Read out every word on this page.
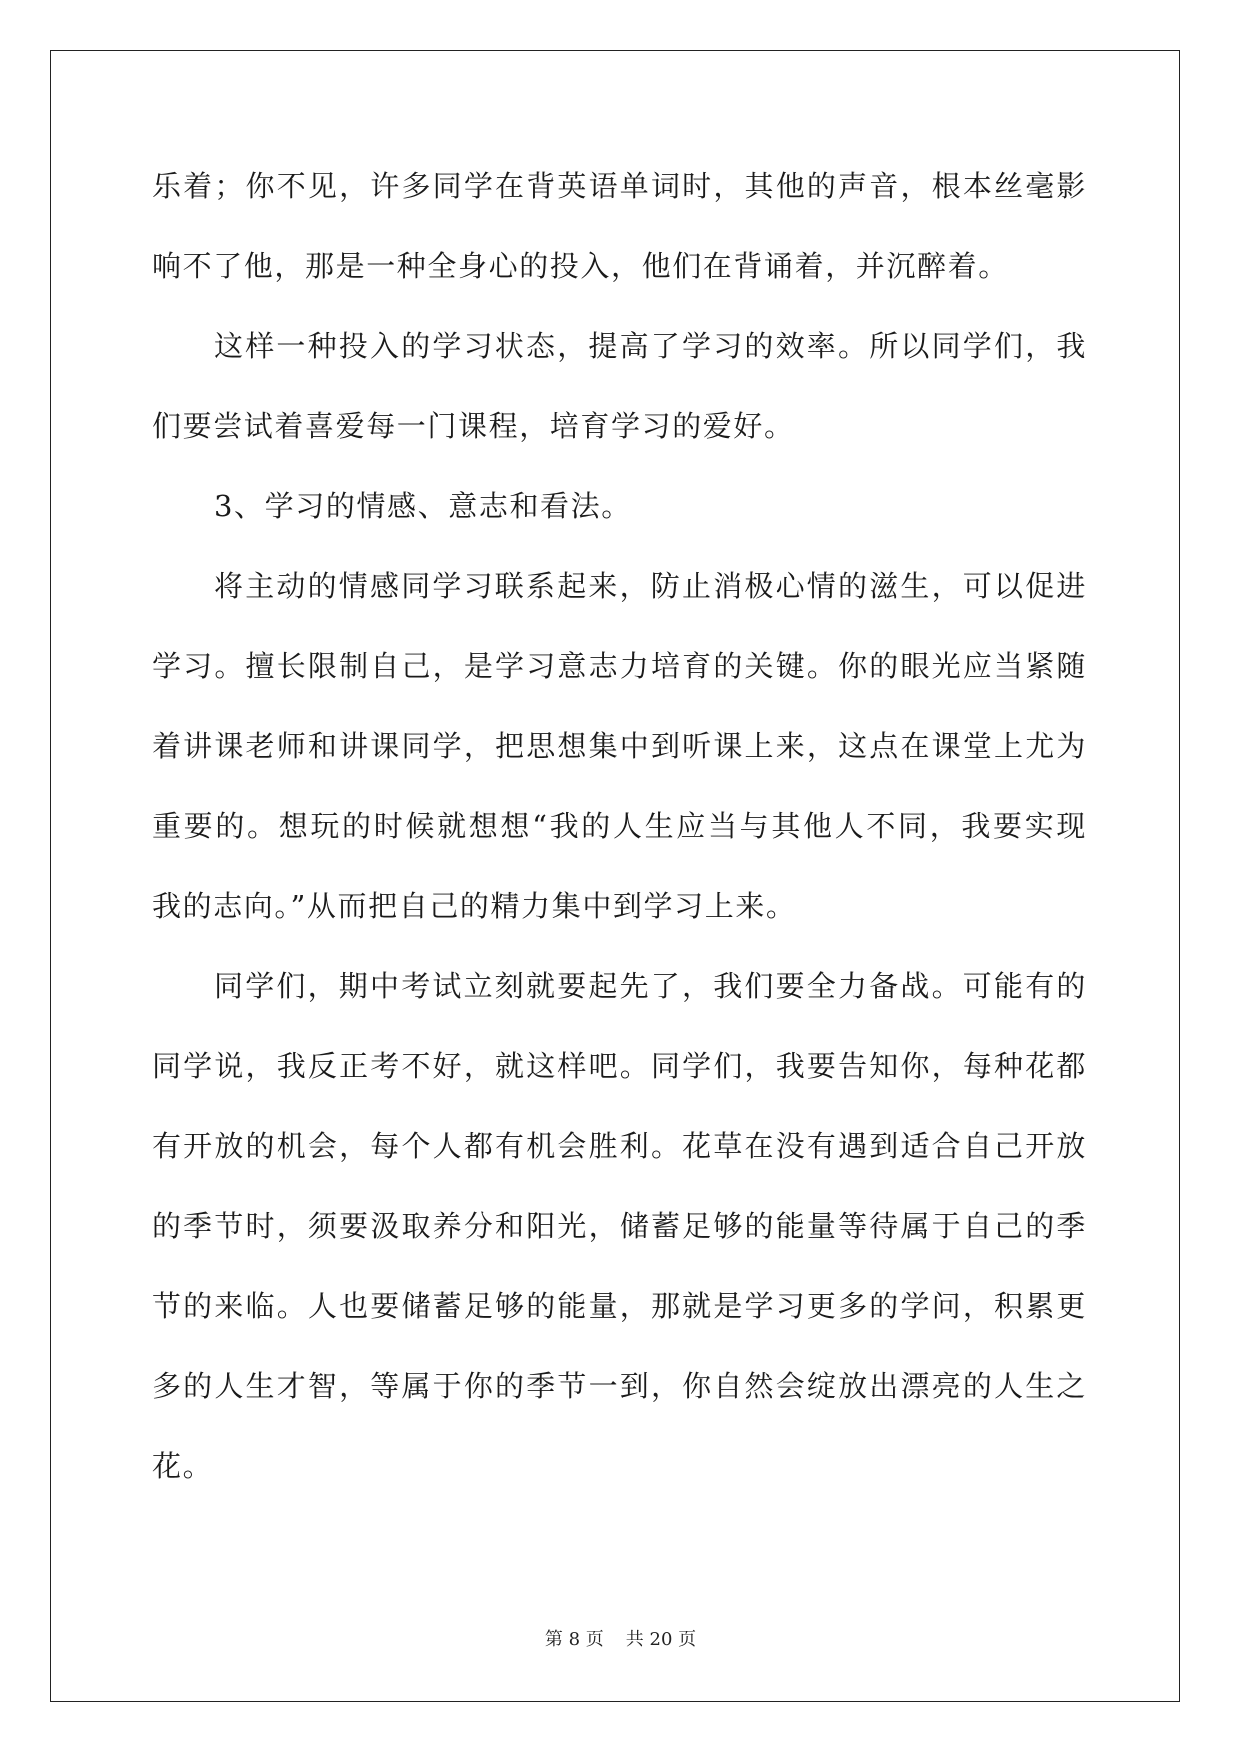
乐着；你不见，许多同学在背英语单词时，其他的声音，根本丝毫影
响不了他，那是一种全身心的投入，他们在背诵着，并沉醉着。
这样一种投入的学习状态，提高了学习的效率。所以同学们，我
们要尝试着喜爱每一门课程，培育学习的爱好。
3、学习的情感、意志和看法。
将主动的情感同学习联系起来，防止消极心情的滋生，可以促进
学习。擅长限制自己，是学习意志力培育的关键。你的眼光应当紧随
着讲课老师和讲课同学，把思想集中到听课上来，这点在课堂上尤为
重要的。想玩的时候就想想“我的人生应当与其他人不同，我要实现
我的志向。”从而把自己的精力集中到学习上来。
同学们，期中考试立刻就要起先了，我们要全力备战。可能有的
同学说，我反正考不好，就这样吧。同学们，我要告知你，每种花都
有开放的机会，每个人都有机会胜利。花草在没有遇到适合自己开放
的季节时，须要汲取养分和阳光，储蓄足够的能量等待属于自己的季
节的来临。人也要储蓄足够的能量，那就是学习更多的学问，积累更
多的人生才智，等属于你的季节一到，你自然会绽放出漂亮的人生之
花。
第 8 页 共 20 页
